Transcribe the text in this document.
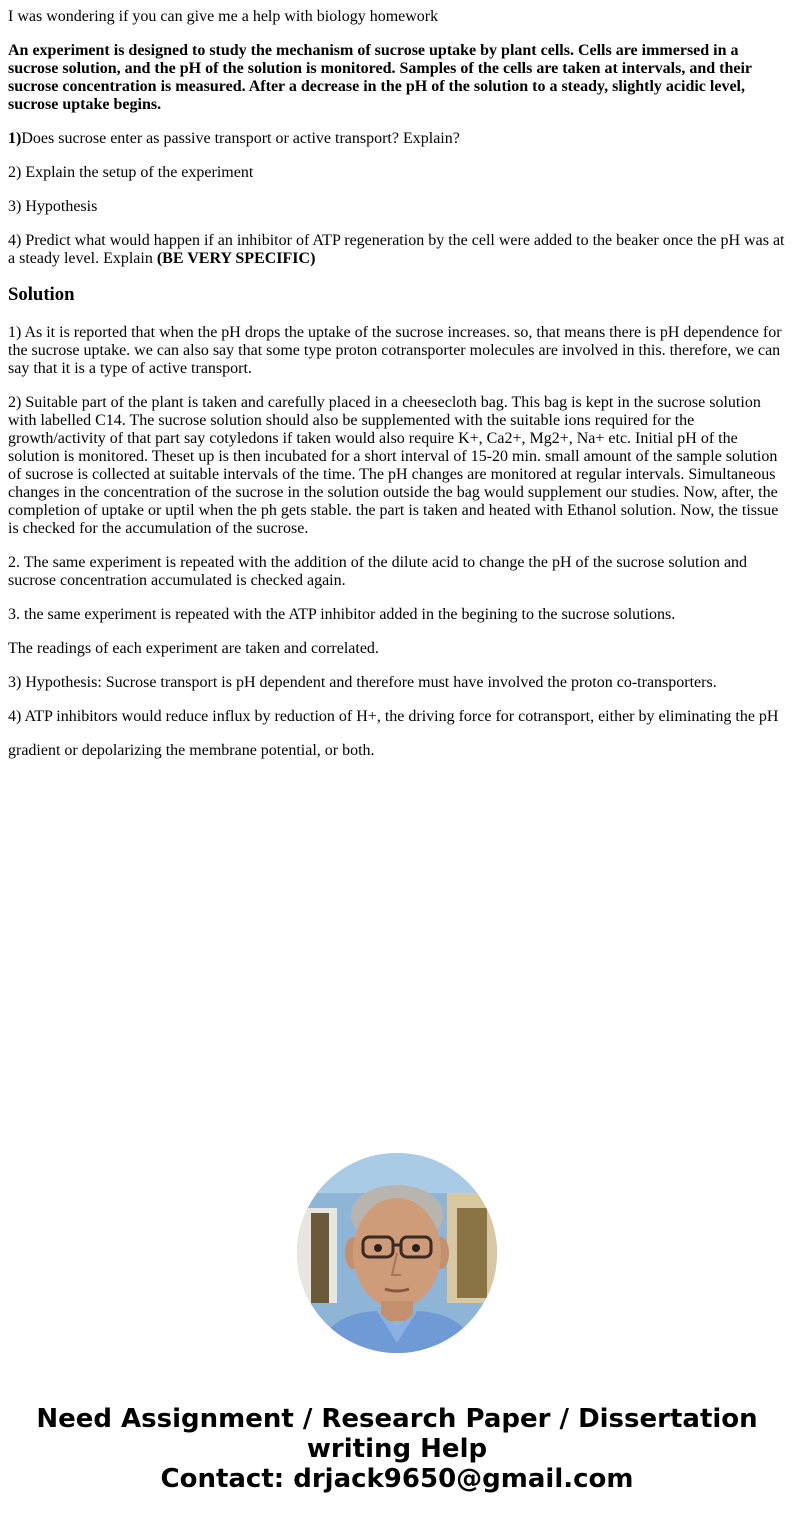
I was wondering if you can give me a help with biology homework

An experiment is designed to study the mechanism of sucrose uptake by plant cells. Cells are immersed in a sucrose solution, and the pH of the solution is monitored. Samples of the cells are taken at intervals, and their sucrose concentration is measured. After a decrease in the pH of the solution to a steady, slightly acidic level, sucrose uptake begins.

1)Does sucrose enter as passive transport or active transport? Explain?

2) Explain the setup of the experiment

3) Hypothesis

4) Predict what would happen if an inhibitor of ATP regeneration by the cell were added to the beaker once the pH was at a steady level. Explain (BE VERY SPECIFIC)

Solution

1) As it is reported that when the pH drops the uptake of the sucrose increases. so, that means there is pH dependence for the sucrose uptake. we can also say that some type proton cotransporter molecules are involved in this. therefore, we can say that it is a type of active transport.

2) Suitable part of the plant is taken and carefully placed in a cheesecloth bag. This bag is kept in the sucrose solution with labelled C14. The sucrose solution should also be supplemented with the suitable ions required for the growth/activity of that part say cotyledons if taken would also require K+, Ca2+, Mg2+, Na+ etc. Initial pH of the solution is monitored. Theset up is then incubated for a short interval of 15-20 min. small amount of the sample solution of sucrose is collected at suitable intervals of the time. The pH changes are monitored at regular intervals. Simultaneous changes in the concentration of the sucrose in the solution outside the bag would supplement our studies. Now, after, the completion of uptake or uptil when the ph gets stable. the part is taken and heated with Ethanol solution. Now, the tissue is checked for the accumulation of the sucrose.

2. The same experiment is repeated with the addition of the dilute acid to change the pH of the sucrose solution and sucrose concentration accumulated is checked again.

3. the same experiment is repeated with the ATP inhibitor added in the begining to the sucrose solutions.

The readings of each experiment are taken and correlated.

3) Hypothesis: Sucrose transport is pH dependent and therefore must have involved the proton co-transporters.

4) ATP inhibitors would reduce influx by reduction of H+, the driving force for cotransport, either by eliminating the pH gradient or depolarizing the membrane potential, or both.

Need Assignment / Research Paper / Dissertation
writing Help
Contact: drjack9650@gmail.com
